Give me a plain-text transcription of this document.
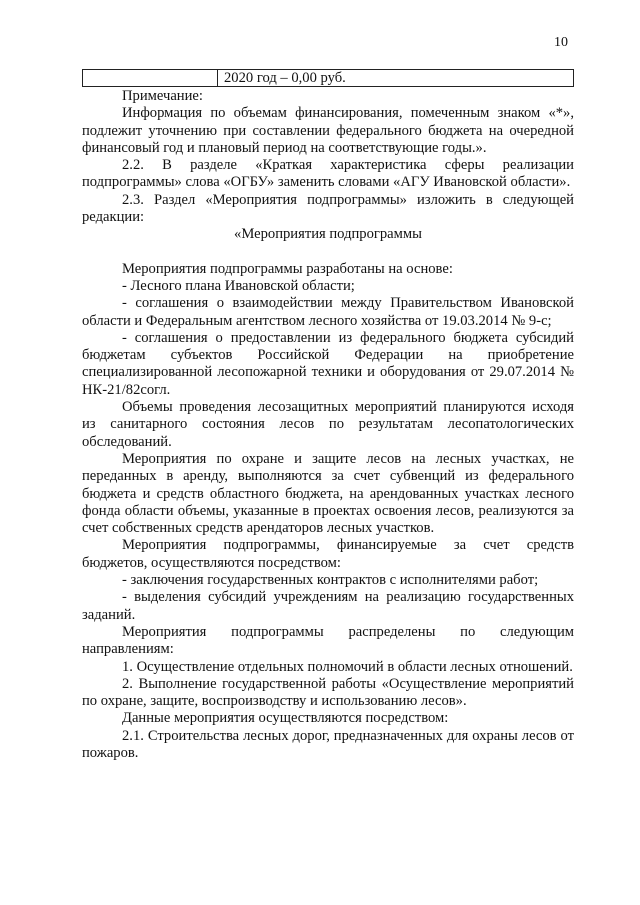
10
2020 год – 0,00 руб.

Примечание:

Информация по объемам финансирования, помеченным знаком «*», подлежит уточнению при составлении федерального бюджета на очередной финансовый год и плановый период на соответствующие годы.».

2.2. В разделе «Краткая характеристика сферы реализации подпрограммы» слова «ОГБУ» заменить словами «АГУ Ивановской области».

2.3. Раздел «Мероприятия подпрограммы» изложить в следующей редакции:

«Мероприятия подпрограммы

Мероприятия подпрограммы разработаны на основе:

- Лесного плана Ивановской области;

- соглашения о взаимодействии между Правительством Ивановской области и Федеральным агентством лесного хозяйства от 19.03.2014 № 9-с;

- соглашения о предоставлении из федерального бюджета субсидий бюджетам субъектов Российской Федерации на приобретение специализированной лесопожарной техники и оборудования от 29.07.2014 № НК-21/82согл.

Объемы проведения лесозащитных мероприятий планируются исходя из санитарного состояния лесов по результатам лесопатологических обследований.

Мероприятия по охране и защите лесов на лесных участках, не переданных в аренду, выполняются за счет субвенций из федерального бюджета и средств областного бюджета, на арендованных участках лесного фонда области объемы, указанные в проектах освоения лесов, реализуются за счет собственных средств арендаторов лесных участков.

Мероприятия подпрограммы, финансируемые за счет средств бюджетов, осуществляются посредством:

- заключения государственных контрактов с исполнителями работ;

- выделения субсидий учреждениям на реализацию государственных заданий.

Мероприятия подпрограммы распределены по следующим направлениям:

1. Осуществление отдельных полномочий в области лесных отношений.

2. Выполнение государственной работы «Осуществление мероприятий по охране, защите, воспроизводству и использованию лесов».

Данные мероприятия осуществляются посредством:

2.1. Строительства лесных дорог, предназначенных для охраны лесов от пожаров.
